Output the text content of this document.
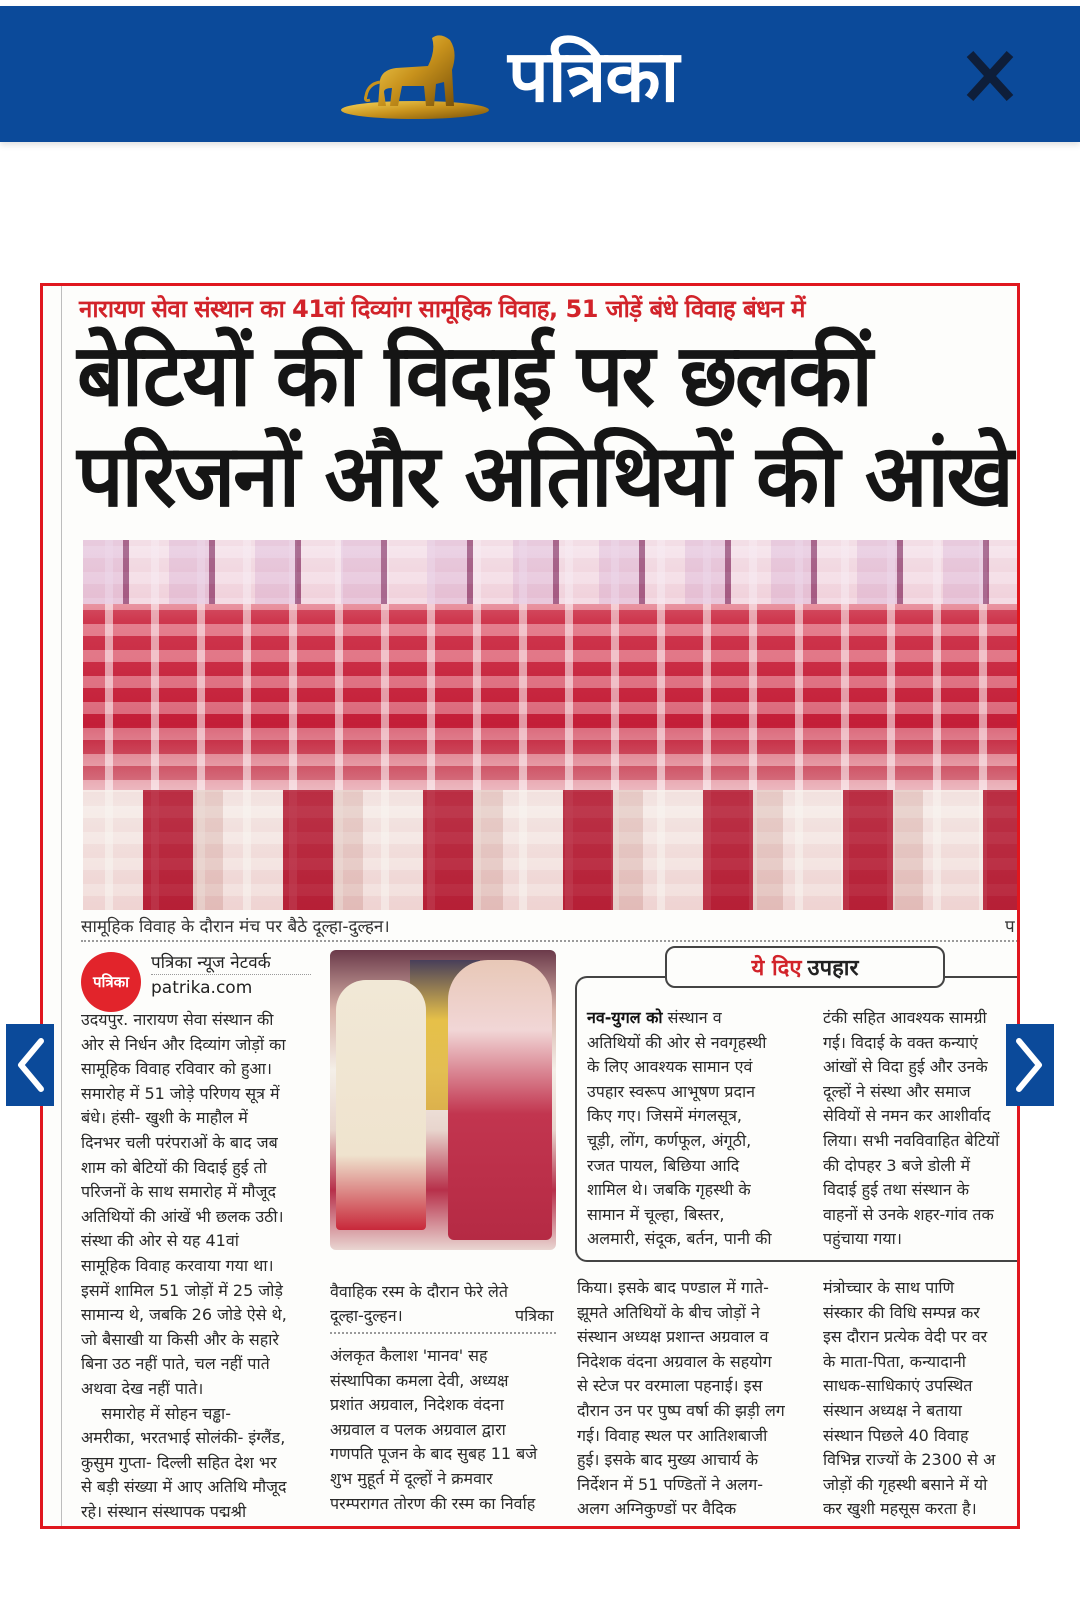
पत्रिका
नारायण सेवा संस्थान का 41वां दिव्यांग सामूहिक विवाह, 51 जोड़ें बंधे विवाह बंधन में
बेटियों की विदाई पर छलकीं
परिजनों और अतिथियों की आंखे
सामूहिक विवाह के दौरान मंच पर बैठे दूल्हा-दुल्हन।	प
पत्रिका
पत्रिका न्यूज नेटवर्क
patrika.com
उदयपुर. नारायण सेवा संस्थान की
ओर से निर्धन और दिव्यांग जोड़ों का
सामूहिक विवाह रविवार को हुआ।
समारोह में 51 जोड़े परिणय सूत्र में
बंधे। हंसी- खुशी के माहौल में
दिनभर चली परंपराओं के बाद जब
शाम को बेटियों की विदाई हुई तो
परिजनों के साथ समारोह में मौजूद
अतिथियों की आंखें भी छलक उठी।
संस्था की ओर से यह 41वां
सामूहिक विवाह करवाया गया था।
इसमें शामिल 51 जोड़ों में 25 जोड़े
सामान्य थे, जबकि 26 जोडे ऐसे थे,
जो बैसाखी या किसी और के सहारे
बिना उठ नहीं पाते, चल नहीं पाते
अथवा देख नहीं पाते।
समारोह में सोहन चड्ढा-
अमरीका, भरतभाई सोलंकी- इंग्लैंड,
कुसुम गुप्ता- दिल्ली सहित देश भर
से बड़ी संख्या में आए अतिथि मौजूद
रहे। संस्थान संस्थापक पद्मश्री
वैवाहिक रस्म के दौरान फेरे लेते
दूल्हा-दुल्हन।	पत्रिका
अंलकृत कैलाश 'मानव' सह
संस्थापिका कमला देवी, अध्यक्ष
प्रशांत अग्रवाल, निदेशक वंदना
अग्रवाल व पलक अग्रवाल द्वारा
गणपति पूजन के बाद सुबह 11 बजे
शुभ मुहूर्त में दूल्हों ने क्रमवार
परम्परागत तोरण की रस्म का निर्वाह
ये दिए उपहार
नव-युगल को संस्थान व
अतिथियों की ओर से नवगृहस्थी
के लिए आवश्यक सामान एवं
उपहार स्वरूप आभूषण प्रदान
किए गए। जिसमें मंगलसूत्र,
चूड़ी, लोंग, कर्णफूल, अंगूठी,
रजत पायल, बिछिया आदि
शामिल थे। जबकि गृहस्थी के
सामान में चूल्हा, बिस्तर,
अलमारी, संदूक, बर्तन, पानी की
टंकी सहित आवश्यक सामग्री
गई। विदाई के वक्त कन्याएं
आंखों से विदा हुई और उनके
दूल्हों ने संस्था और समाज
सेवियों से नमन कर आशीर्वाद
लिया। सभी नवविवाहित बेटियों
की दोपहर 3 बजे डोली में
विदाई हुई तथा संस्थान के
वाहनों से उनके शहर-गांव तक
पहुंचाया गया।
किया। इसके बाद पण्डाल में गाते-
झूमते अतिथियों के बीच जोड़ों ने
संस्थान अध्यक्ष प्रशान्त अग्रवाल व
निदेशक वंदना अग्रवाल के सहयोग
से स्टेज पर वरमाला पहनाई। इस
दौरान उन पर पुष्प वर्षा की झड़ी लग
गई। विवाह स्थल पर आतिशबाजी
हुई। इसके बाद मुख्य आचार्य के
निर्देशन में 51 पण्डितों ने अलग-
अलग अग्निकुण्डों पर वैदिक
मंत्रोच्चार के साथ पाणि
संस्कार की विधि सम्पन्न कर
इस दौरान प्रत्येक वेदी पर वर
के माता-पिता, कन्यादानी
साधक-साधिकाएं उपस्थित
संस्थान अध्यक्ष ने बताया
संस्थान पिछले 40 विवाह
विभिन्न राज्यों के 2300 से अ
जोड़ों की गृहस्थी बसाने में यो
कर खुशी महसूस करता है।
